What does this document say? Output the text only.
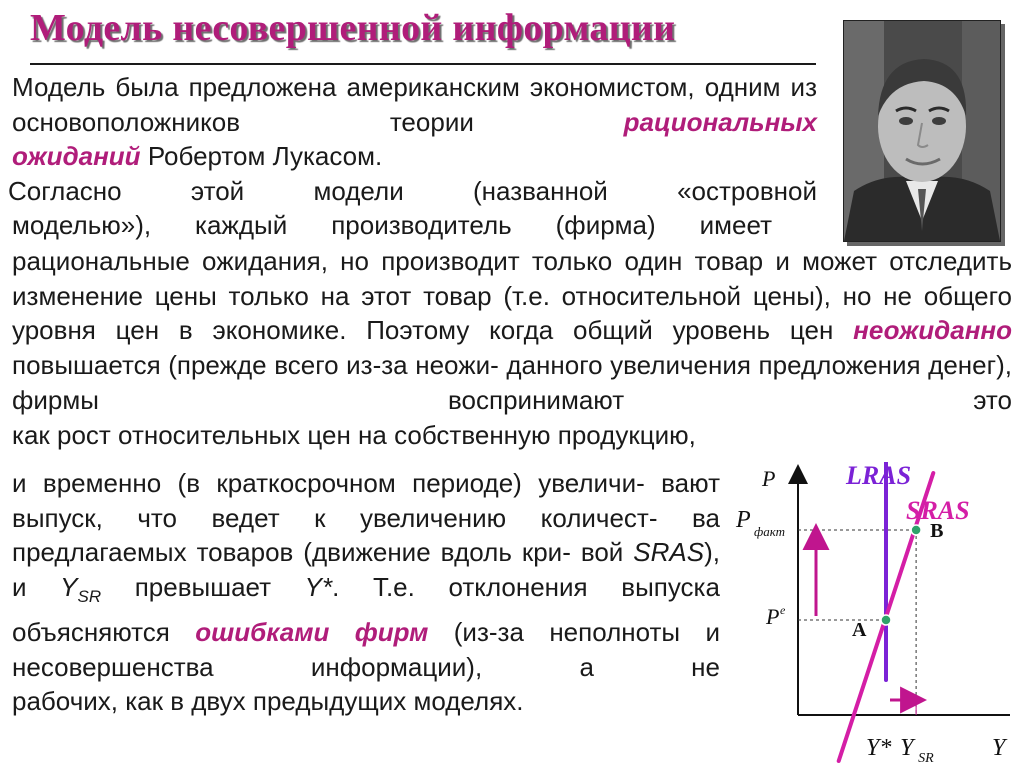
Модель несовершенной информации

Модель была предложена американским экономистом, одним из основоположников теории	рациональных
ожиданий Робертом Лукасом.

Согласно этой модели (названной «островной

моделью»), каждый производитель (фирма) имеет

рациональные ожидания, но производит только один товар и может отследить изменение цены только на этот товар (т.е. относительной цены), но не общего уровня цен в экономике. Поэтому когда общий уровень цен неожиданно повышается (прежде всего из-за неожи- данного увеличения предложения денег), фирмы воспринимают это
как рост относительных цен на собственную продукцию,

и временно (в краткосрочном периоде) увеличи- вают выпуск, что ведет к увеличению количест- ва предлагаемых товаров (движение вдоль кри- вой SRAS), и $Y_{SR}$ превышает Y*. Т.е. отклонения выпуска объясняются ошибками фирм (из-за неполноты и несовершенства информации), а не
рабочих, как в двух предыдущих моделях.

LRAS
SRAS
A
B
P
Y
P факт
P e
Y* Y SR
